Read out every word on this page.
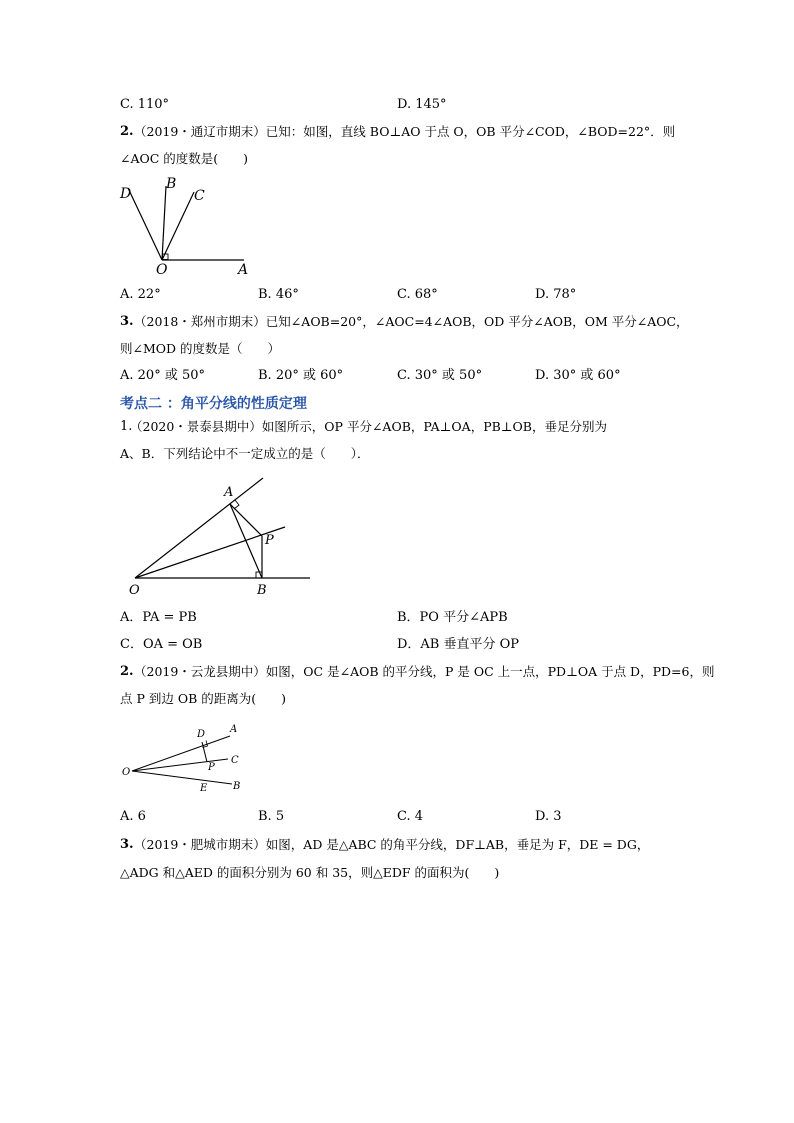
C. 110°	D. 145°
2. （2019・通辽市期末）已知：如图，直线 BO⊥AO 于点 O，OB 平分∠COD，∠BOD=22°．则
∠AOC 的度数是(　　)
D
B
C
O	A
A. 22°	B. 46°	C. 68°	D. 78°
3. （2018・郑州市期末）已知∠AOB=20°，∠AOC=4∠AOB，OD 平分∠AOB，OM 平分∠AOC，
则∠MOD 的度数是（　　）
A. 20° 或 50°	B. 20° 或 60°	C. 30° 或 50°	D. 30° 或 60°
考点二 ：角平分线的性质定理
1.
（2020・景泰县期中）如图所示，OP 平分∠AOB，PA⊥OA，PB⊥OB，垂足分别为
A、B．下列结论中不一定成立的是（　　）．
A
P
O	B
A．PA = PB	B．PO 平分∠APB
C．OA = OB	D．AB 垂直平分 OP
2. （2019・云龙县期中）如图，OC 是∠AOB 的平分线，P 是 OC 上一点，PD⊥OA 于点 D，PD=6，则
点 P 到边 OB 的距离为(　　)
D A
O	P
C
E	B
A. 6	B. 5	C. 4	D. 3
3. （2019・肥城市期末）如图，AD 是△ABC 的角平分线，DF⊥AB，垂足为 F，DE = DG，
△ADG 和△AED 的面积分别为 60 和 35，则△EDF 的面积为(　　)
